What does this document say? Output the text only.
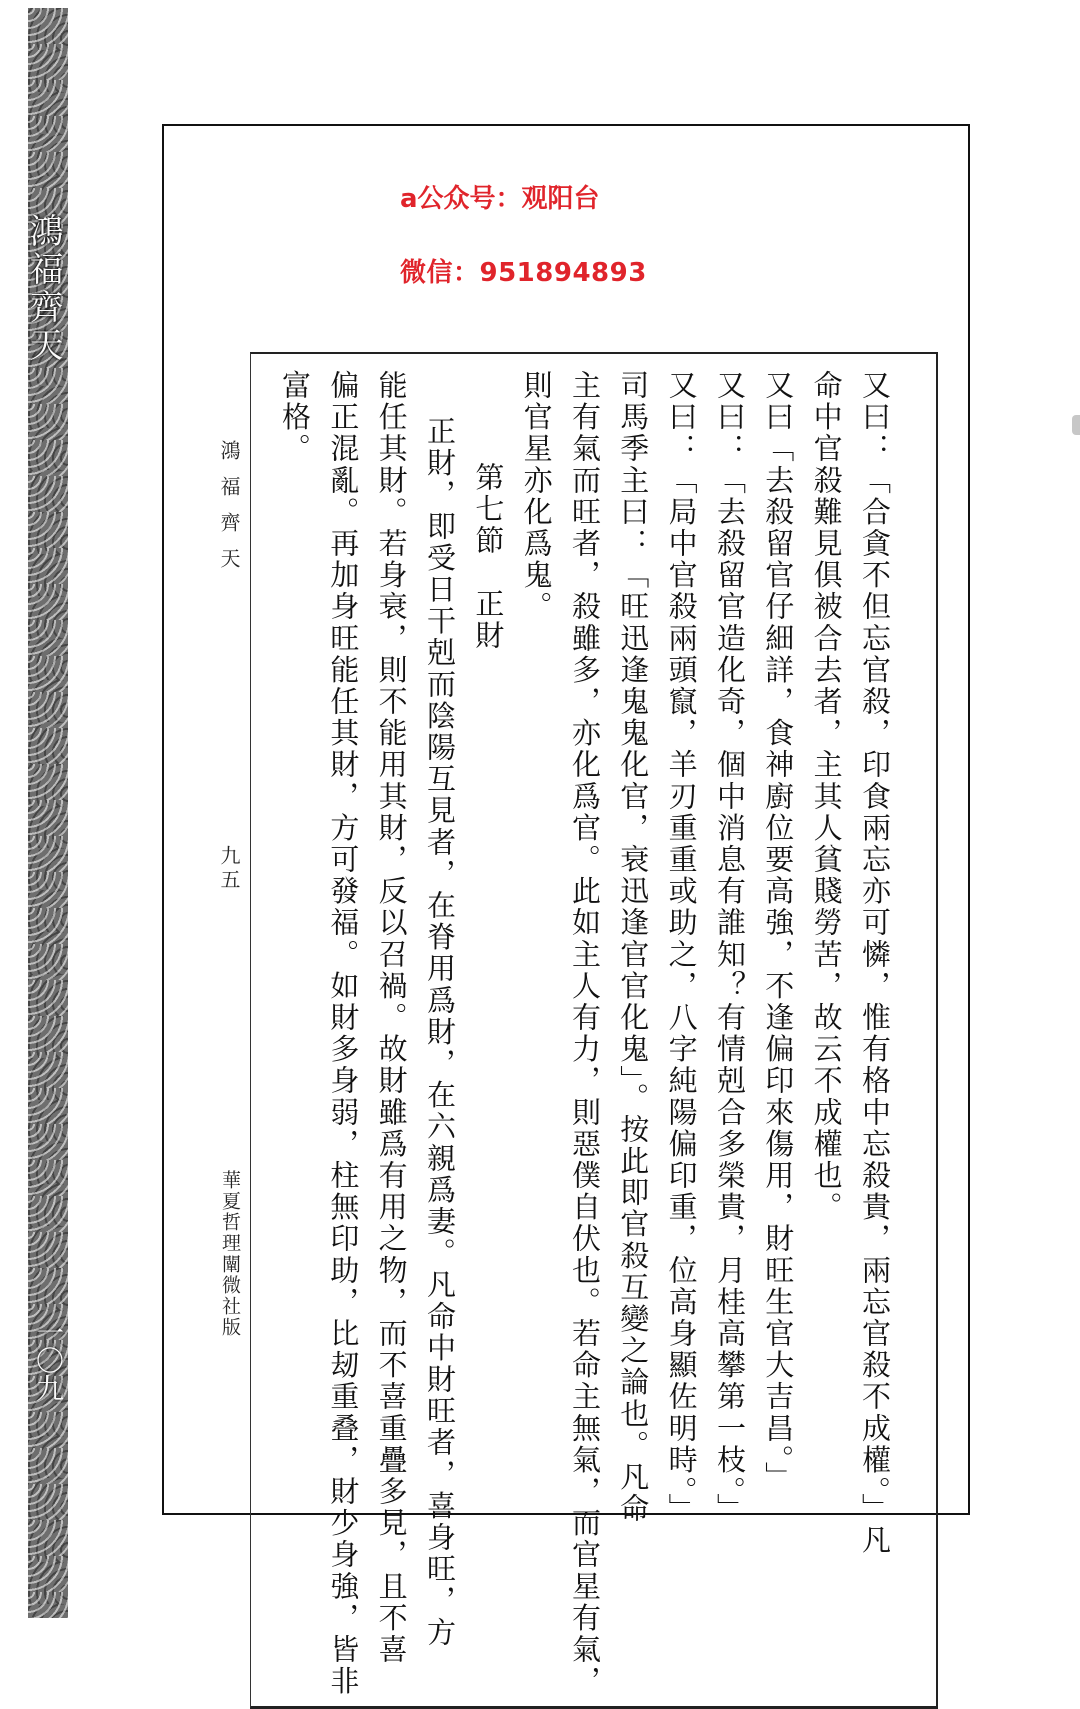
鴻福齊天
一〇九
a公众号：观阳台
微信：951894893
鴻福齊天
九五
華夏哲理闡微社版	又曰：「合貪不但忘官殺，印食兩忘亦可憐，惟有格中忘殺貴，兩忘官殺不成權。」凡
命中官殺難見俱被合去者，主其人貧賤勞苦，故云不成權也。
又曰「去殺留官仔細詳，食神廚位要高強，不逢偏印來傷用，財旺生官大吉昌。」
又曰：「去殺留官造化奇，個中消息有誰知？有情剋合多榮貴，月桂高攀第一枝。」
又曰：「局中官殺兩頭竄，羊刃重重或助之，八字純陽偏印重，位高身顯佐明時。」
司馬季主曰：「旺迅逢鬼鬼化官，衰迅逢官官化鬼」。按此即官殺互變之論也。凡命
主有氣而旺者，殺雖多，亦化爲官。此如主人有力，則惡僕自伏也。若命主無氣，而官星有氣，
則官星亦化爲鬼。
第七節　正財
正財，即受日干剋而陰陽互見者，在脊用爲財，在六親爲妻。凡命中財旺者，喜身旺，方
能任其財。若身衰，則不能用其財，反以召禍。故財雖爲有用之物，而不喜重疊多見，且不喜
偏正混亂。再加身旺能任其財，方可發福。如財多身弱，柱無印助，比刼重叠，財少身強，皆非
富格。
